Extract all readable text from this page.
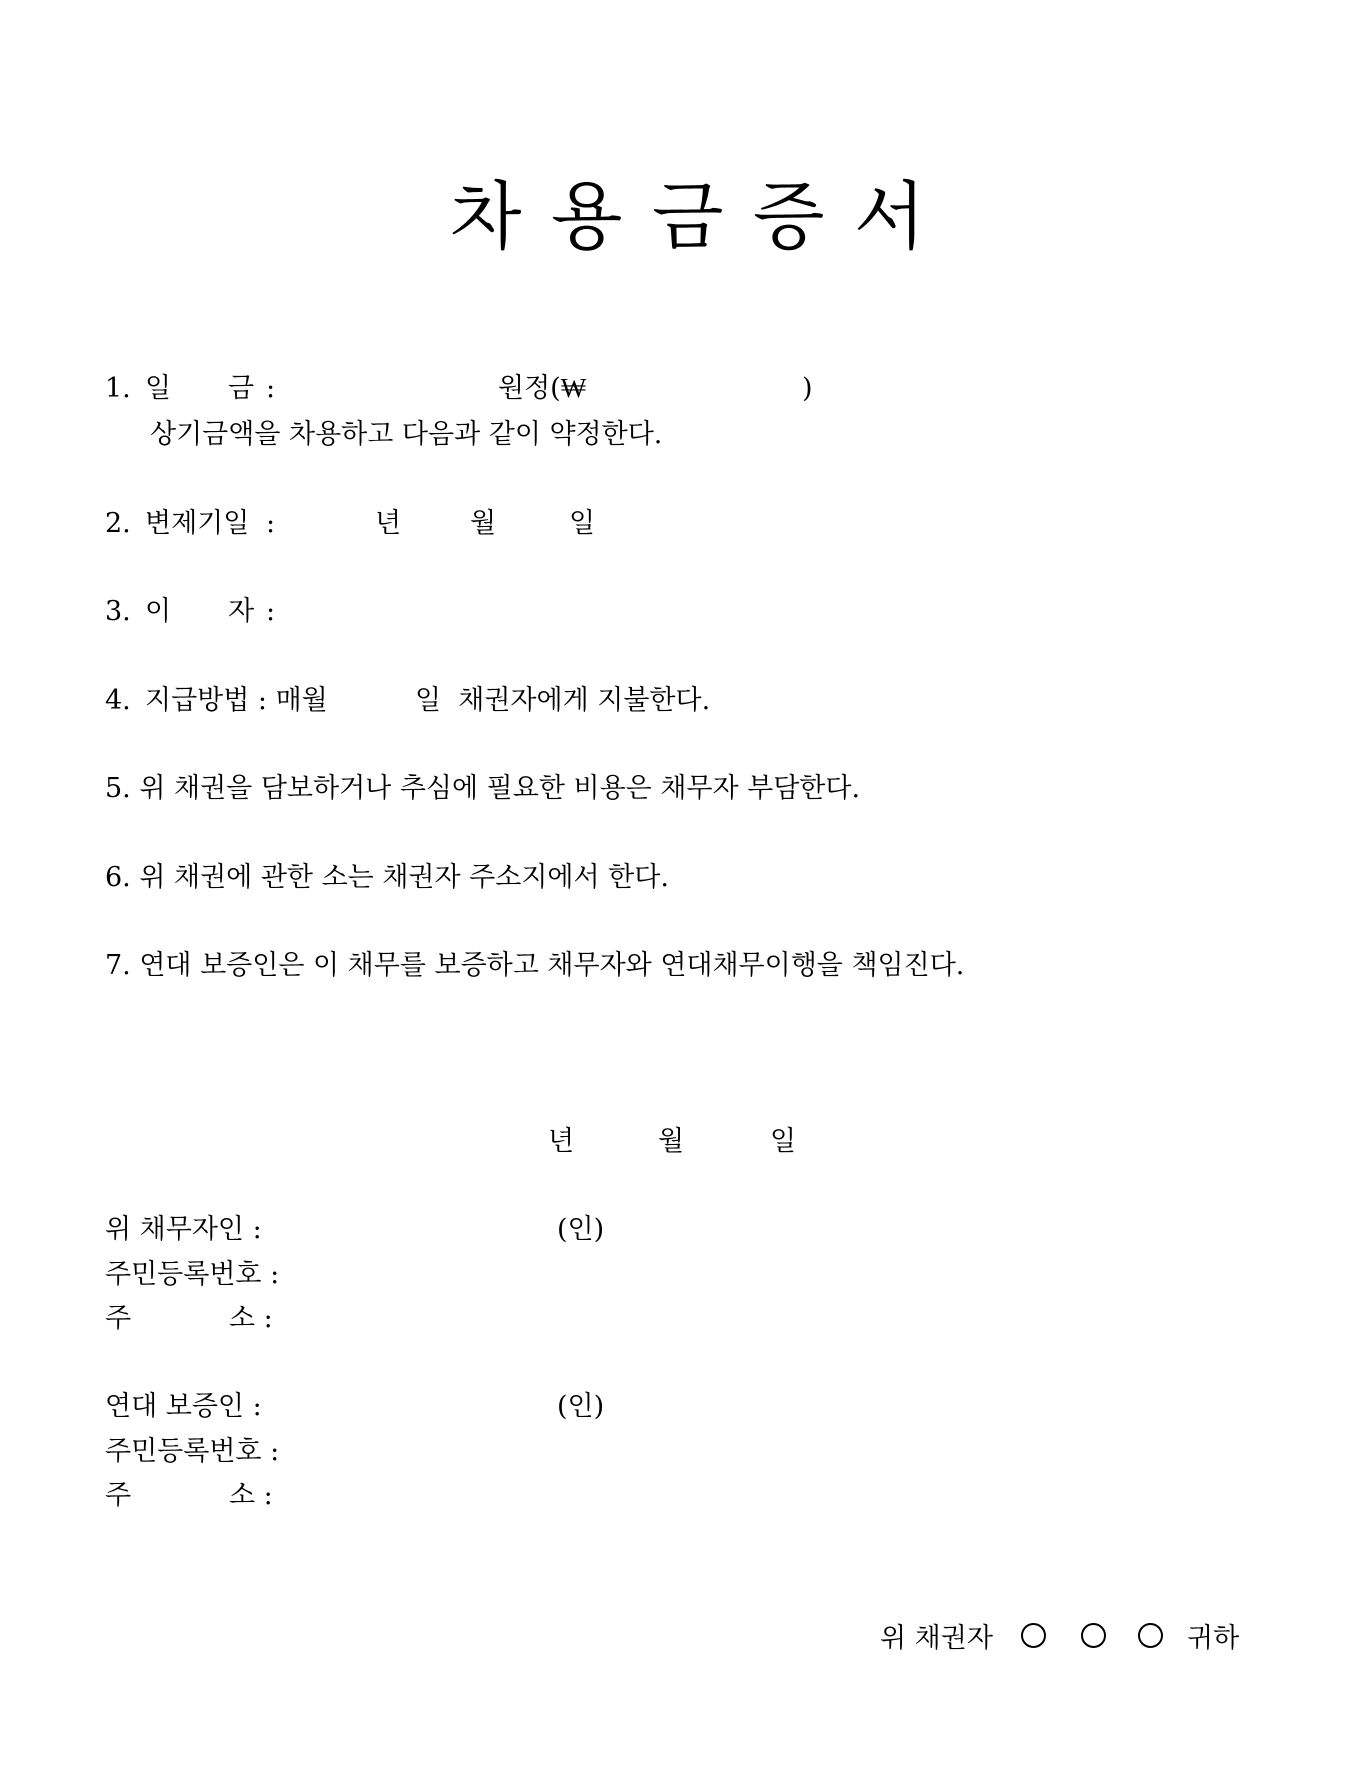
차 용 금 증 서
1. 일 금 :	원정(₩	)
상기금액을 차용하고 다음과 같이 약정한다.
2. 변제기일 :	년	월	일
3. 이 자 :
4. 지급방법 : 매월	일  채권자에게 지불한다.
5. 위 채권을 담보하거나 추심에 필요한 비용은 채무자 부담한다.
6. 위 채권에 관한 소는 채권자 주소지에서 한다.
7. 연대 보증인은 이 채무를 보증하고 채무자와 연대채무이행을 책임진다.
년	월	일
위 채무자인 :	(인)
주민등록번호 :
주	소 :
연대 보증인 :	(인)
주민등록번호 :
주	소 :
위 채권자	귀하
